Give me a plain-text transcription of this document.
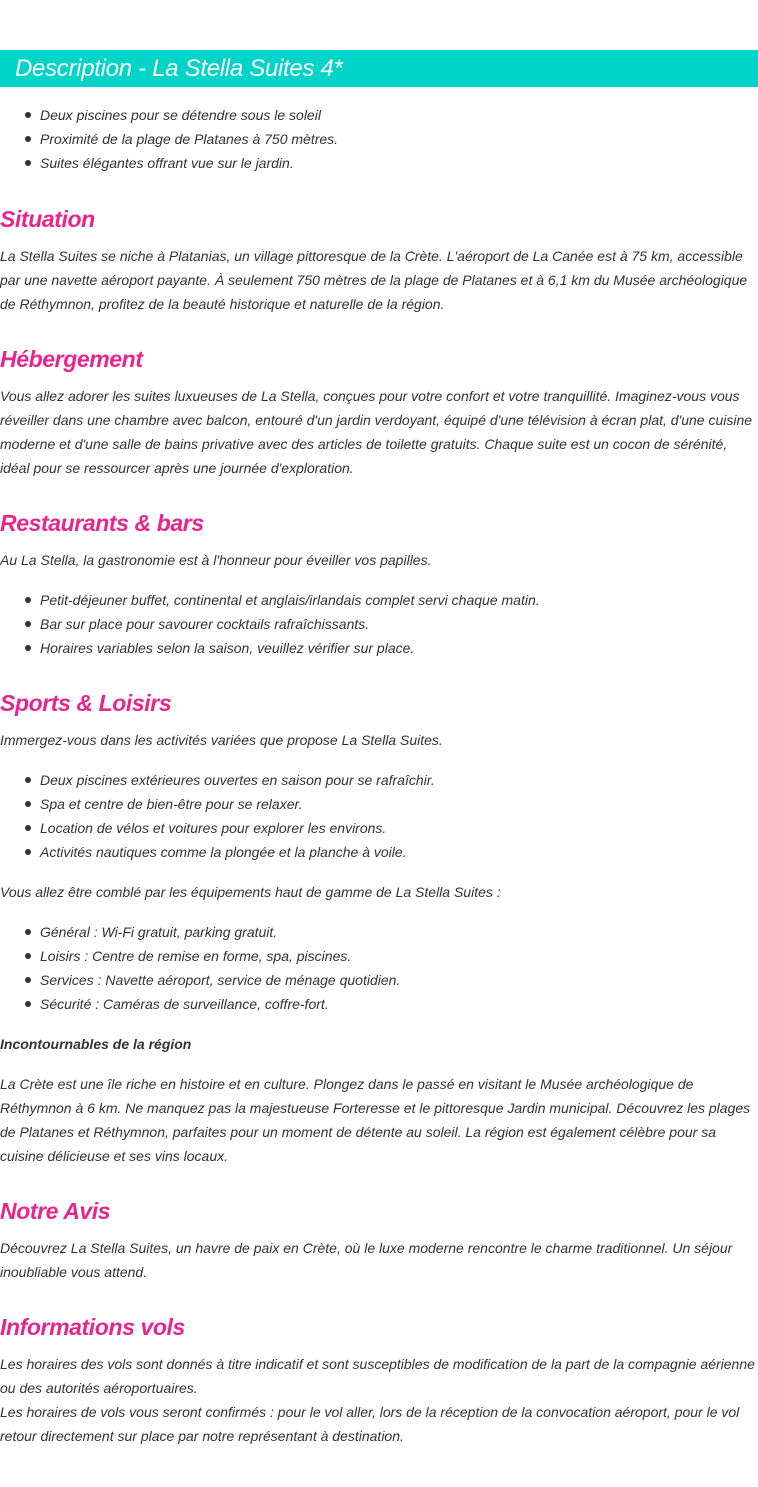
Description - La Stella Suites 4*
Deux piscines pour se détendre sous le soleil
Proximité de la plage de Platanes à 750 mètres.
Suites élégantes offrant vue sur le jardin.
Situation

La Stella Suites se niche à Platanias, un village pittoresque de la Crète. L'aéroport de La Canée est à 75 km, accessible par une navette aéroport payante. À seulement 750 mètres de la plage de Platanes et à 6,1 km du Musée archéologique de Réthymnon, profitez de la beauté historique et naturelle de la région.

Hébergement

Vous allez adorer les suites luxueuses de La Stella, conçues pour votre confort et votre tranquillité. Imaginez-vous vous réveiller dans une chambre avec balcon, entouré d'un jardin verdoyant, équipé d'une télévision à écran plat, d'une cuisine moderne et d'une salle de bains privative avec des articles de toilette gratuits. Chaque suite est un cocon de sérénité, idéal pour se ressourcer après une journée d'exploration.

Restaurants & bars

Au La Stella, la gastronomie est à l'honneur pour éveiller vos papilles.

Petit-déjeuner buffet, continental et anglais/irlandais complet servi chaque matin.
Bar sur place pour savourer cocktails rafraîchissants.
Horaires variables selon la saison, veuillez vérifier sur place.
Sports & Loisirs

Immergez-vous dans les activités variées que propose La Stella Suites.

Deux piscines extérieures ouvertes en saison pour se rafraîchir.
Spa et centre de bien-être pour se relaxer.
Location de vélos et voitures pour explorer les environs.
Activités nautiques comme la plongée et la planche à voile.

Vous allez être comblé par les équipements haut de gamme de La Stella Suites :

Général : Wi-Fi gratuit, parking gratuit.
Loisirs : Centre de remise en forme, spa, piscines.
Services : Navette aéroport, service de ménage quotidien.
Sécurité : Caméras de surveillance, coffre-fort.

Incontournables de la région

La Crète est une île riche en histoire et en culture. Plongez dans le passé en visitant le Musée archéologique de Réthymnon à 6 km. Ne manquez pas la majestueuse Forteresse et le pittoresque Jardin municipal. Découvrez les plages de Platanes et Réthymnon, parfaites pour un moment de détente au soleil. La région est également célèbre pour sa cuisine délicieuse et ses vins locaux.

Notre Avis

Découvrez La Stella Suites, un havre de paix en Crète, où le luxe moderne rencontre le charme traditionnel. Un séjour inoubliable vous attend.

Informations vols

Les horaires des vols sont donnés à titre indicatif et sont susceptibles de modification de la part de la compagnie aérienne ou des autorités aéroportuaires.

Les horaires de vols vous seront confirmés : pour le vol aller, lors de la réception de la convocation aéroport, pour le vol retour directement sur place par notre représentant à destination.
